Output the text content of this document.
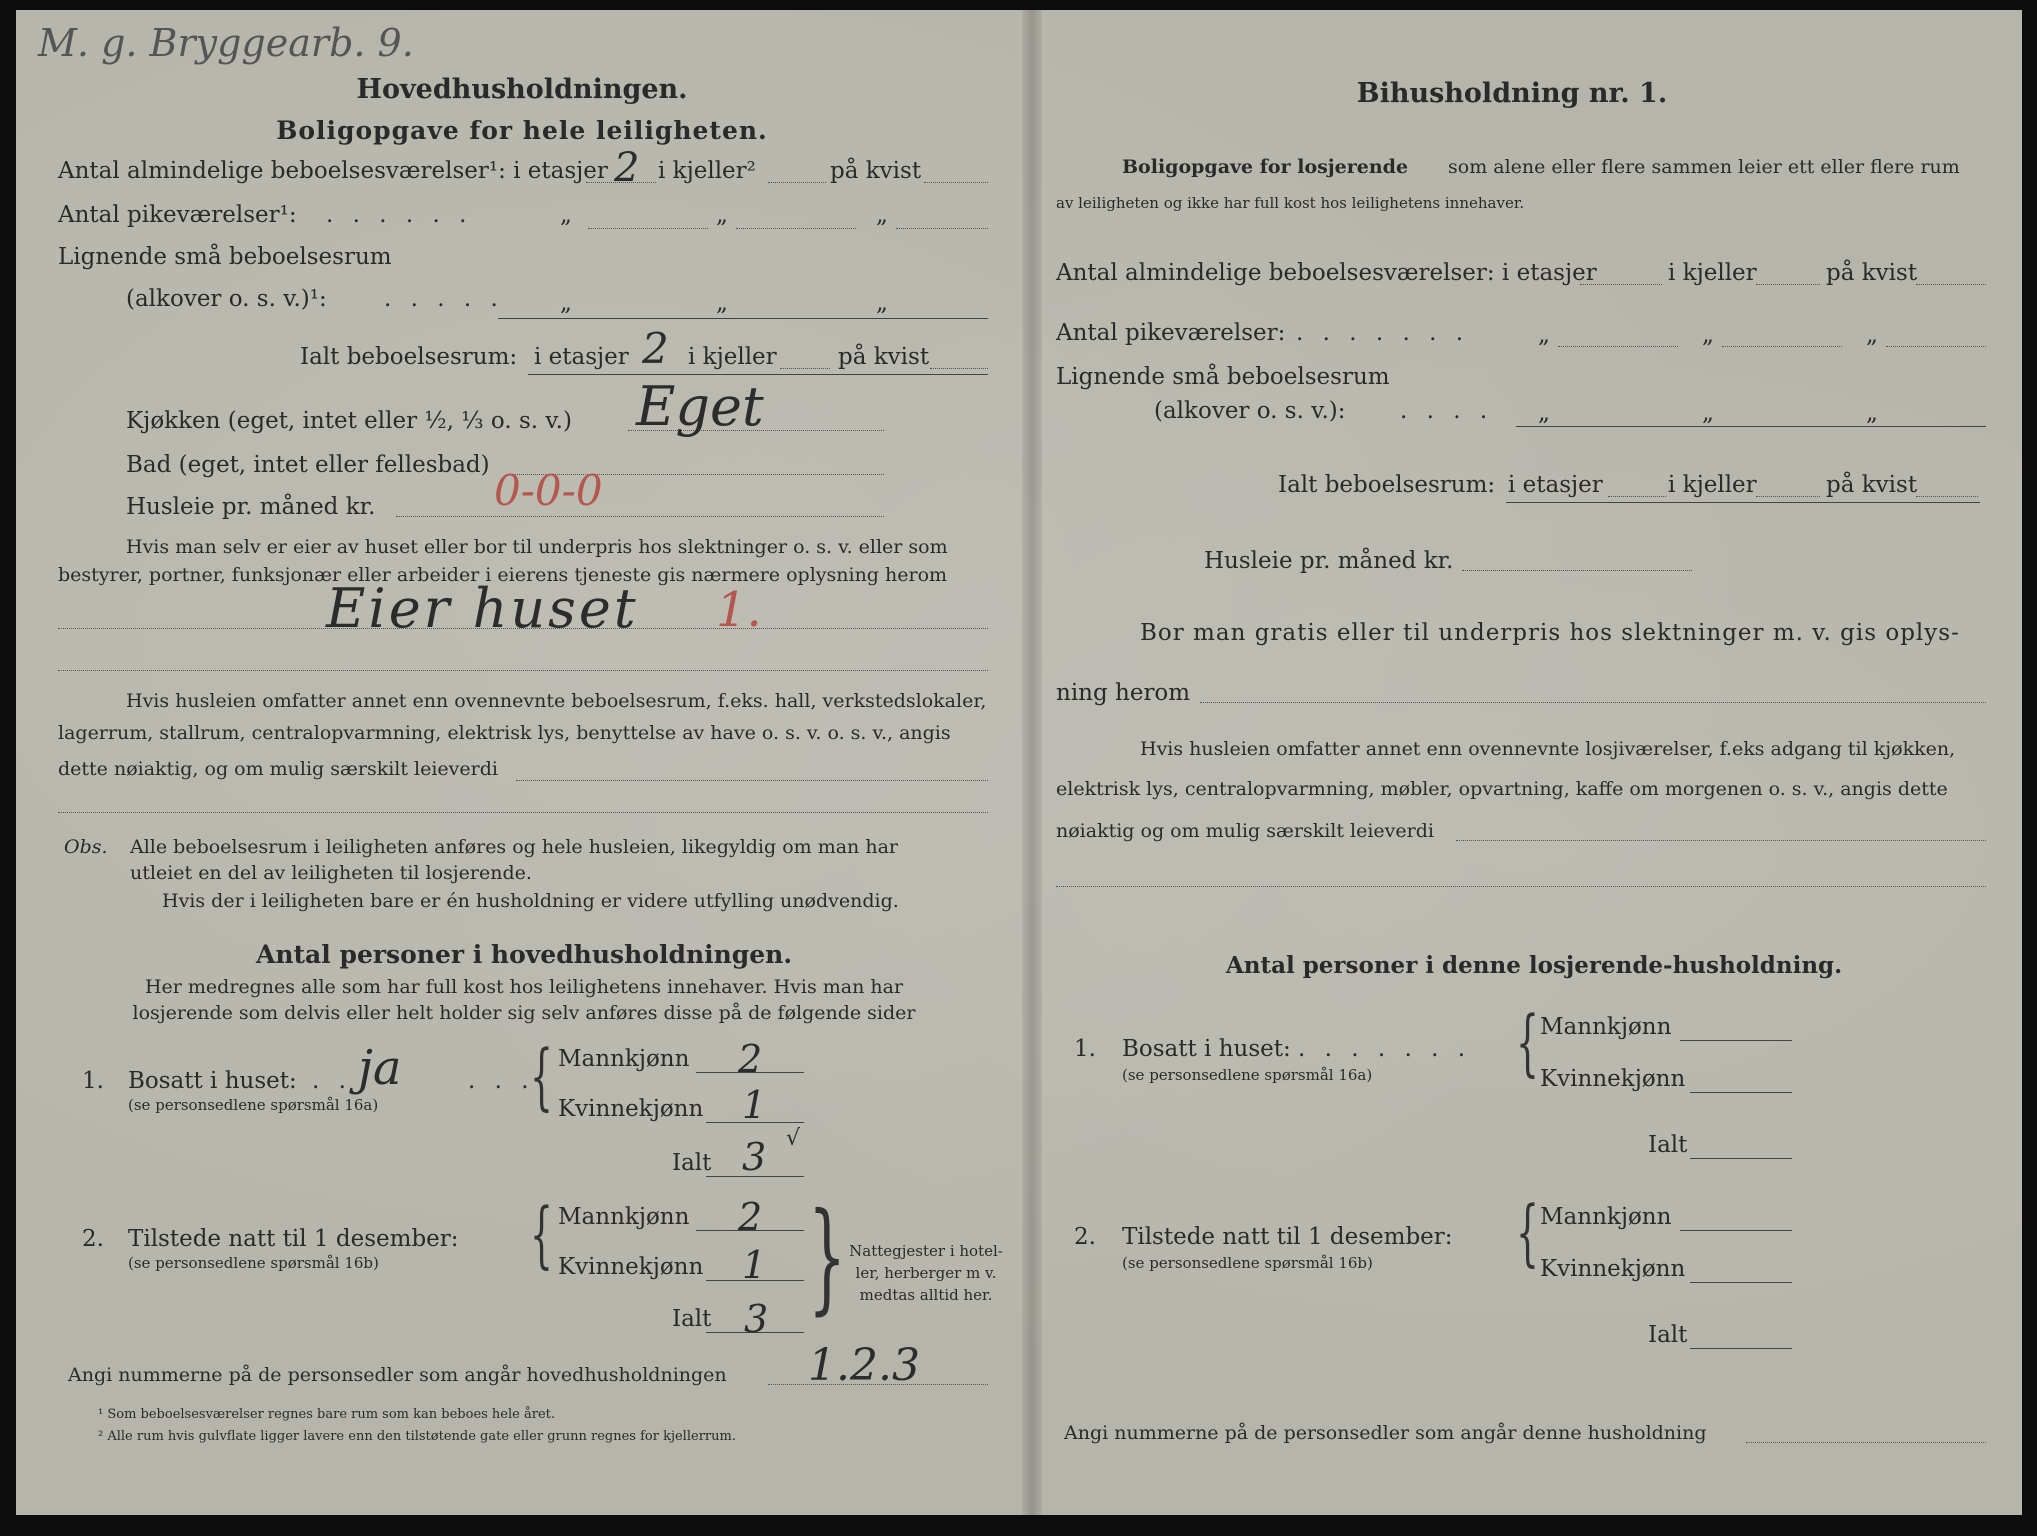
M. g. Bryggearb. 9.
Hovedhusholdningen.
Boligopgave for hele leiligheten.
Antal almindelige beboelsesværelser¹: i etasjer 2 i kjeller²	på kvist
Antal pikeværelser¹: . . . . . .	„	„	„
Lignende små beboelsesrum
(alkover o. s. v.)¹: . . . . . „	„	„
Ialt beboelsesrum: i etasjer 2 i kjeller	på kvist
Kjøkken (eget, intet eller ½, ⅓ o. s. v.) Eget
Bad (eget, intet eller fellesbad)
Husleie pr. måned kr.	0-0-0
Hvis man selv er eier av huset eller bor til underpris hos slektninger o. s. v. eller som
bestyrer, portner, funksjonær eller arbeider i eierens tjeneste gis nærmere oplysning herom
Eier huset 1.
Hvis husleien omfatter annet enn ovennevnte beboelsesrum, f.eks. hall, verkstedslokaler,
lagerrum, stallrum, centralopvarmning, elektrisk lys, benyttelse av have o. s. v. o. s. v., angis
dette nøiaktig, og om mulig særskilt leieverdi
Obs. Alle beboelsesrum i leiligheten anføres og hele husleien, likegyldig om man har
utleiet en del av leiligheten til losjerende.
Hvis der i leiligheten bare er én husholdning er videre utfylling unødvendig.
Antal personer i hovedhusholdningen.
Her medregnes alle som har full kost hos leilighetens innehaver. Hvis man har
losjerende som delvis eller helt holder sig selv anføres disse på de følgende sider
1. Bosatt i huset: . . ja	. . .
(se personsedlene spørsmål 16a) { Mannkjønn 2
Kvinnekjønn 1
Ialt 3 √
2. Tilstede natt til 1 desember:
(se personsedlene spørsmål 16b) { Mannkjønn 2
Kvinnekjønn 1
Ialt 3 } Nattegjester i hotel-
ler, herberger m v.
medtas alltid her.
Angi nummerne på de personsedler som angår hovedhusholdningen 1.2.3
¹ Som beboelsesværelser regnes bare rum som kan beboes hele året.
² Alle rum hvis gulvflate ligger lavere enn den tilstøtende gate eller grunn regnes for kjellerrum.
Bihusholdning nr. 1.
Boligopgave for losjerende som alene eller flere sammen leier ett eller flere rum
av leiligheten og ikke har full kost hos leilighetens innehaver.
Antal almindelige beboelsesværelser: i etasjer	i kjeller	på kvist
Antal pikeværelser: . . . . . . .	„	„	„
Lignende små beboelsesrum
(alkover o. s. v.): . . . . „	„	„
Ialt beboelsesrum: i etasjer	i kjeller	på kvist
Husleie pr. måned kr.
Bor man gratis eller til underpris hos slektninger m. v. gis oplys-
ning herom
Hvis husleien omfatter annet enn ovennevnte losjiværelser, f.eks adgang til kjøkken,
elektrisk lys, centralopvarmning, møbler, opvartning, kaffe om morgenen o. s. v., angis dette
nøiaktig og om mulig særskilt leieverdi
Antal personer i denne losjerende-husholdning.
1. Bosatt i huset: . . . . . . .
(se personsedlene spørsmål 16a) { Mannkjønn
Kvinnekjønn
Ialt
2. Tilstede natt til 1 desember:
(se personsedlene spørsmål 16b) { Mannkjønn
Kvinnekjønn
Ialt
Angi nummerne på de personsedler som angår denne husholdning
